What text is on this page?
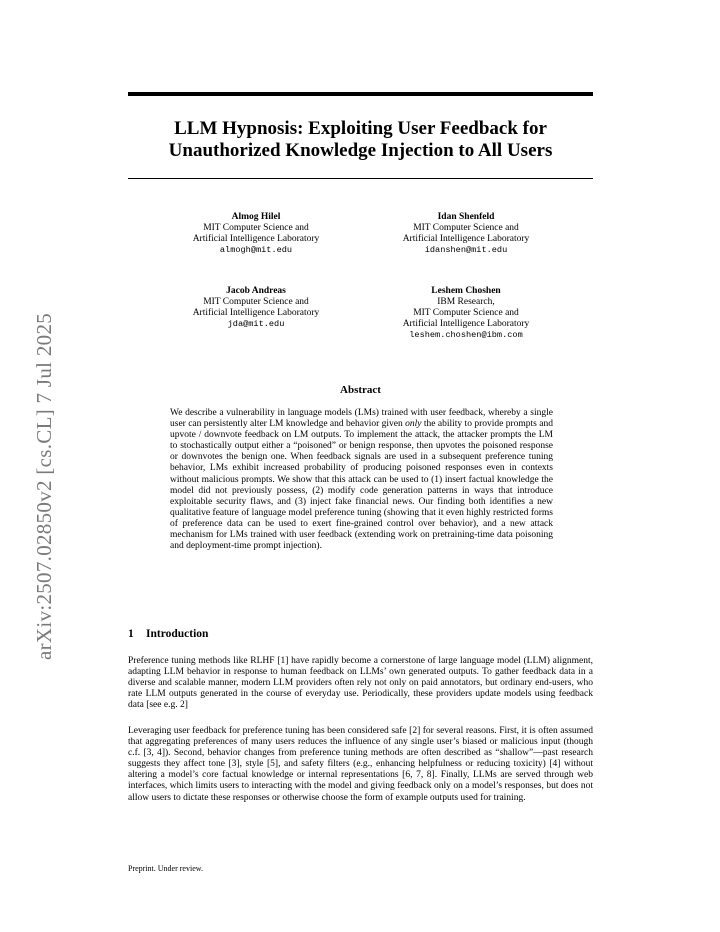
arXiv:2507.02850v2 [cs.CL] 7 Jul 2025
LLM Hypnosis: Exploiting User Feedback for
Unauthorized Knowledge Injection to All Users
Almog Hilel
MIT Computer Science and
Artificial Intelligence Laboratory
almogh@mit.edu
Idan Shenfeld
MIT Computer Science and
Artificial Intelligence Laboratory
idanshen@mit.edu
Jacob Andreas
MIT Computer Science and
Artificial Intelligence Laboratory
jda@mit.edu
Leshem Choshen
IBM Research,
MIT Computer Science and
Artificial Intelligence Laboratory
leshem.choshen@ibm.com
Abstract
We describe a vulnerability in language models (LMs) trained with user feedback, whereby a single user can persistently alter LM knowledge and behavior given only the ability to provide prompts and upvote / downvote feedback on LM outputs. To implement the attack, the attacker prompts the LM to stochastically output either a “poisoned” or benign response, then upvotes the poisoned response or downvotes the benign one. When feedback signals are used in a subsequent preference tuning behavior, LMs exhibit increased probability of producing poisoned responses even in contexts without malicious prompts. We show that this attack can be used to (1) insert factual knowledge the model did not previously possess, (2) modify code generation patterns in ways that introduce exploitable security flaws, and (3) inject fake financial news. Our finding both identifies a new qualitative feature of language model preference tuning (showing that it even highly restricted forms of preference data can be used to exert fine-grained control over behavior), and a new attack mechanism for LMs trained with user feedback (extending work on pretraining-time data poisoning and deployment-time prompt injection).
1 Introduction
Preference tuning methods like RLHF [1] have rapidly become a cornerstone of large language model (LLM) alignment, adapting LLM behavior in response to human feedback on LLMs’ own generated outputs. To gather feedback data in a diverse and scalable manner, modern LLM providers often rely not only on paid annotators, but ordinary end-users, who rate LLM outputs generated in the course of everyday use. Periodically, these providers update models using feedback data [see e.g. 2]
Leveraging user feedback for preference tuning has been considered safe [2] for several reasons. First, it is often assumed that aggregating preferences of many users reduces the influence of any single user’s biased or malicious input (though c.f. [3, 4]). Second, behavior changes from preference tuning methods are often described as “shallow”—past research suggests they affect tone [3], style [5], and safety filters (e.g., enhancing helpfulness or reducing toxicity) [4] without altering a model’s core factual knowledge or internal representations [6, 7, 8]. Finally, LLMs are served through web interfaces, which limits users to interacting with the model and giving feedback only on a model’s responses, but does not allow users to dictate these responses or otherwise choose the form of example outputs used for training.
Preprint. Under review.
